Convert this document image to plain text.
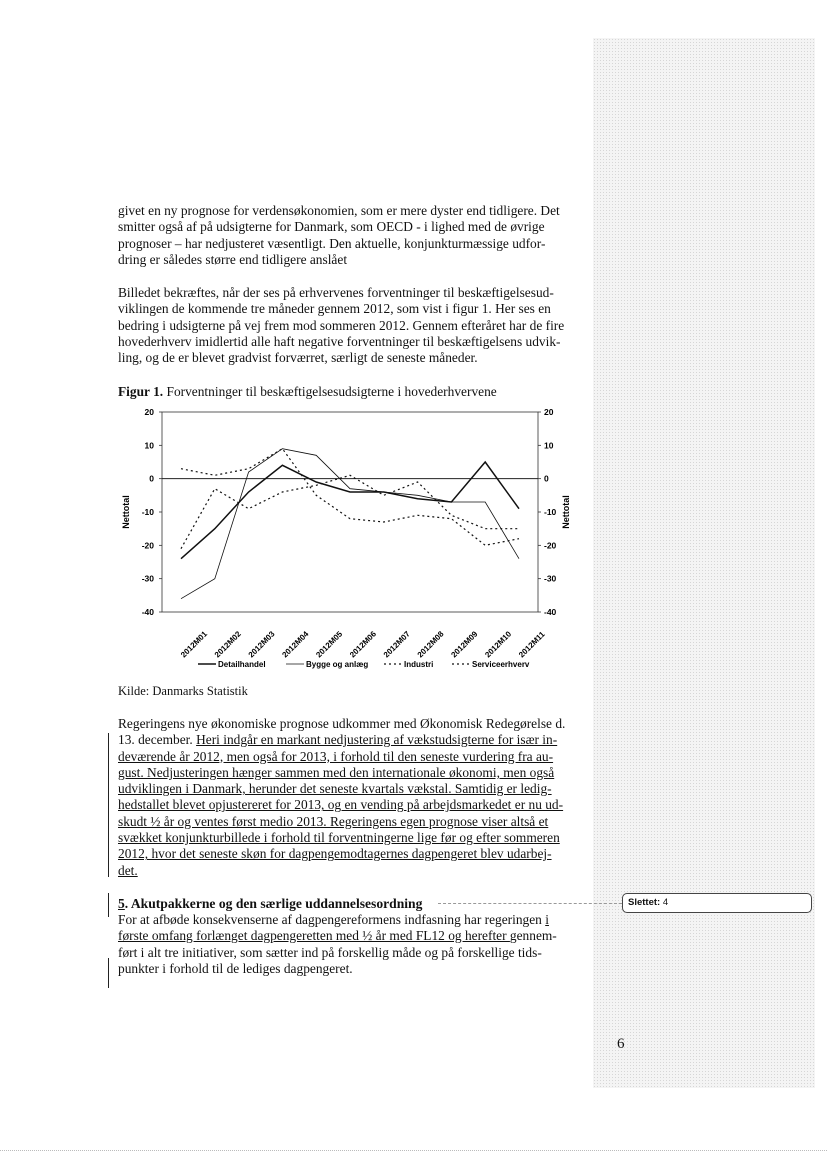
givet en ny prognose for verdensøkonomien, som er mere dyster end tidligere. Det
smitter også af på udsigterne for Danmark, som OECD - i lighed med de øvrige
prognoser – har nedjusteret væsentligt. Den aktuelle, konjunkturmæssige udfor-
dring er således større end tidligere anslået
Billedet bekræftes, når der ses på erhvervenes forventninger til beskæftigelsesud-
viklingen de kommende tre måneder gennem 2012, som vist i figur 1. Her ses en
bedring i udsigterne på vej frem mod sommeren 2012. Gennem efteråret har de fire
hovederhverv imidlertid alle haft negative forventninger til beskæftigelsens udvik-
ling, og de er blevet gradvist forværret, særligt de seneste måneder.
Figur 1. Forventninger til beskæftigelsesudsigterne i hovederhvervene
20	20
10	10
0	0
-10	-10
-20	-20
-30	-30
-40	-40
Nettotal	Nettotal
2012M01 2012M02 2012M03 2012M04 2012M05 2012M06 2012M07 2012M08 2012M09 2012M10 2012M11
Detailhandel	Bygge og anlæg	Industri	Serviceerhverv
Kilde: Danmarks Statistik
Regeringens nye økonomiske prognose udkommer med Økonomisk Redegørelse d.
13. december. Heri indgår en markant nedjustering af vækstudsigterne for især in-
deværende år 2012, men også for 2013, i forhold til den seneste vurdering fra au-
gust. Nedjusteringen hænger sammen med den internationale økonomi, men også
udviklingen i Danmark, herunder det seneste kvartals vækstal. Samtidig er ledig-
hedstallet blevet opjustereret for 2013, og en vending på arbejdsmarkedet er nu ud-
skudt ½ år og ventes først medio 2013. Regeringens egen prognose viser altså et
svækket konjunkturbillede i forhold til forventningerne lige før og efter sommeren
2012, hvor det seneste skøn for dagpengemodtagernes dagpengeret blev udarbej-
det.
5. Akutpakkerne og den særlige uddannelsesordning	Slettet: 4
For at afbøde konsekvenserne af dagpengereformens indfasning har regeringen i
første omfang forlænget dagpengeretten med ½ år med FL12 og herefter gennem-
ført i alt tre initiativer, som sætter ind på forskellig måde og på forskellige tids-
punkter i forhold til de lediges dagpengeret.
6
